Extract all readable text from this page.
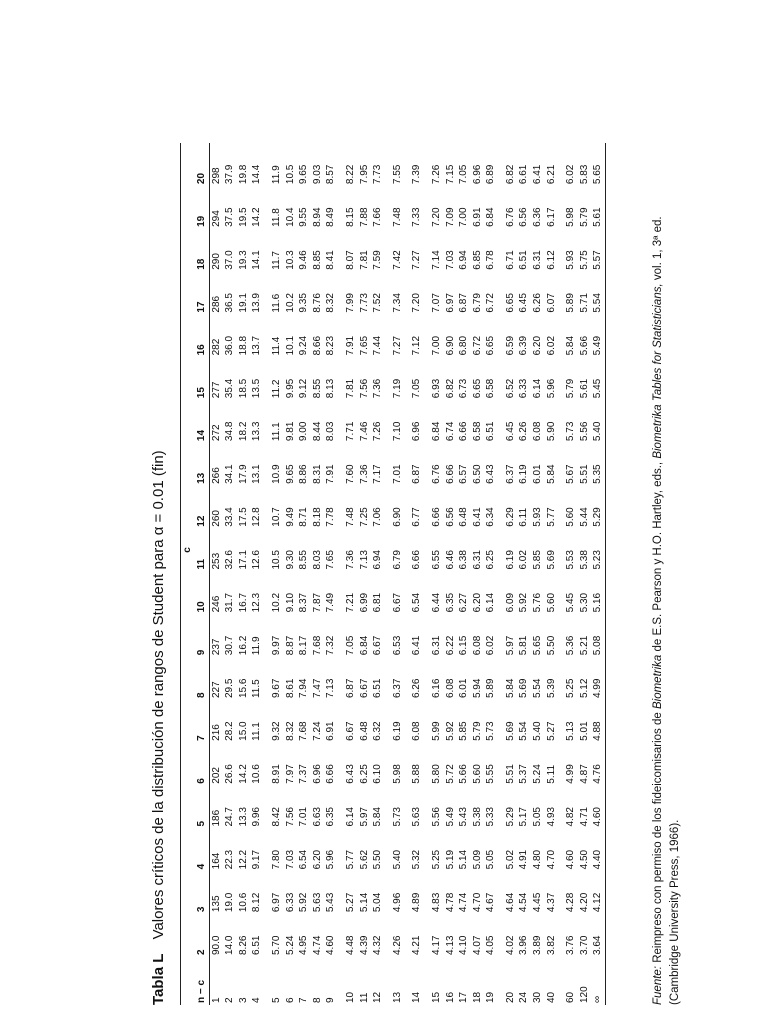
Tabla L Valores críticos de la distribución de rangos de Student para α = 0.01 (fin)
	c																		
n − c	2	3	4	5	6	7	8	9	10	11	12	13	14	15	16	17	18	19	20
1	90.0	135	164	186	202	216	227	237	246	253	260	266	272	277	282	286	290	294	298
2	14.0	19.0	22.3	24.7	26.6	28.2	29.5	30.7	31.7	32.6	33.4	34.1	34.8	35.4	36.0	36.5	37.0	37.5	37.9
3	8.26	10.6	12.2	13.3	14.2	15.0	15.6	16.2	16.7	17.1	17.5	17.9	18.2	18.5	18.8	19.1	19.3	19.5	19.8
4	6.51	8.12	9.17	9.96	10.6	11.1	11.5	11.9	12.3	12.6	12.8	13.1	13.3	13.5	13.7	13.9	14.1	14.2	14.4
5	5.70	6.97	7.80	8.42	8.91	9.32	9.67	9.97	10.2	10.5	10.7	10.9	11.1	11.2	11.4	11.6	11.7	11.8	11.9
6	5.24	6.33	7.03	7.56	7.97	8.32	8.61	8.87	9.10	9.30	9.49	9.65	9.81	9.95	10.1	10.2	10.3	10.4	10.5
7	4.95	5.92	6.54	7.01	7.37	7.68	7.94	8.17	8.37	8.55	8.71	8.86	9.00	9.12	9.24	9.35	9.46	9.55	9.65
8	4.74	5.63	6.20	6.63	6.96	7.24	7.47	7.68	7.87	8.03	8.18	8.31	8.44	8.55	8.66	8.76	8.85	8.94	9.03
9	4.60	5.43	5.96	6.35	6.66	6.91	7.13	7.32	7.49	7.65	7.78	7.91	8.03	8.13	8.23	8.32	8.41	8.49	8.57
10	4.48	5.27	5.77	6.14	6.43	6.67	6.87	7.05	7.21	7.36	7.48	7.60	7.71	7.81	7.91	7.99	8.07	8.15	8.22
11	4.39	5.14	5.62	5.97	6.25	6.48	6.67	6.84	6.99	7.13	7.25	7.36	7.46	7.56	7.65	7.73	7.81	7.88	7.95
12	4.32	5.04	5.50	5.84	6.10	6.32	6.51	6.67	6.81	6.94	7.06	7.17	7.26	7.36	7.44	7.52	7.59	7.66	7.73
13	4.26	4.96	5.40	5.73	5.98	6.19	6.37	6.53	6.67	6.79	6.90	7.01	7.10	7.19	7.27	7.34	7.42	7.48	7.55
14	4.21	4.89	5.32	5.63	5.88	6.08	6.26	6.41	6.54	6.66	6.77	6.87	6.96	7.05	7.12	7.20	7.27	7.33	7.39
15	4.17	4.83	5.25	5.56	5.80	5.99	6.16	6.31	6.44	6.55	6.66	6.76	6.84	6.93	7.00	7.07	7.14	7.20	7.26
16	4.13	4.78	5.19	5.49	5.72	5.92	6.08	6.22	6.35	6.46	6.56	6.66	6.74	6.82	6.90	6.97	7.03	7.09	7.15
17	4.10	4.74	5.14	5.43	5.66	5.85	6.01	6.15	6.27	6.38	6.48	6.57	6.66	6.73	6.80	6.87	6.94	7.00	7.05
18	4.07	4.70	5.09	5.38	5.60	5.79	5.94	6.08	6.20	6.31	6.41	6.50	6.58	6.65	6.72	6.79	6.85	6.91	6.96
19	4.05	4.67	5.05	5.33	5.55	5.73	5.89	6.02	6.14	6.25	6.34	6.43	6.51	6.58	6.65	6.72	6.78	6.84	6.89
20	4.02	4.64	5.02	5.29	5.51	5.69	5.84	5.97	6.09	6.19	6.29	6.37	6.45	6.52	6.59	6.65	6.71	6.76	6.82
24	3.96	4.54	4.91	5.17	5.37	5.54	5.69	5.81	5.92	6.02	6.11	6.19	6.26	6.33	6.39	6.45	6.51	6.56	6.61
30	3.89	4.45	4.80	5.05	5.24	5.40	5.54	5.65	5.76	5.85	5.93	6.01	6.08	6.14	6.20	6.26	6.31	6.36	6.41
40	3.82	4.37	4.70	4.93	5.11	5.27	5.39	5.50	5.60	5.69	5.77	5.84	5.90	5.96	6.02	6.07	6.12	6.17	6.21
60	3.76	4.28	4.60	4.82	4.99	5.13	5.25	5.36	5.45	5.53	5.60	5.67	5.73	5.79	5.84	5.89	5.93	5.98	6.02
120	3.70	4.20	4.50	4.71	4.87	5.01	5.12	5.21	5.30	5.38	5.44	5.51	5.56	5.61	5.66	5.71	5.75	5.79	5.83
∞	3.64	4.12	4.40	4.60	4.76	4.88	4.99	5.08	5.16	5.23	5.29	5.35	5.40	5.45	5.49	5.54	5.57	5.61	5.65
Fuente: Reimpreso con permiso de los fideicomisarios de Biometrika de E.S. Pearson y H.O. Hartley, eds., Biometrika Tables for Statisticians, vol. 1, 3ª ed.
(Cambridge University Press, 1966).
